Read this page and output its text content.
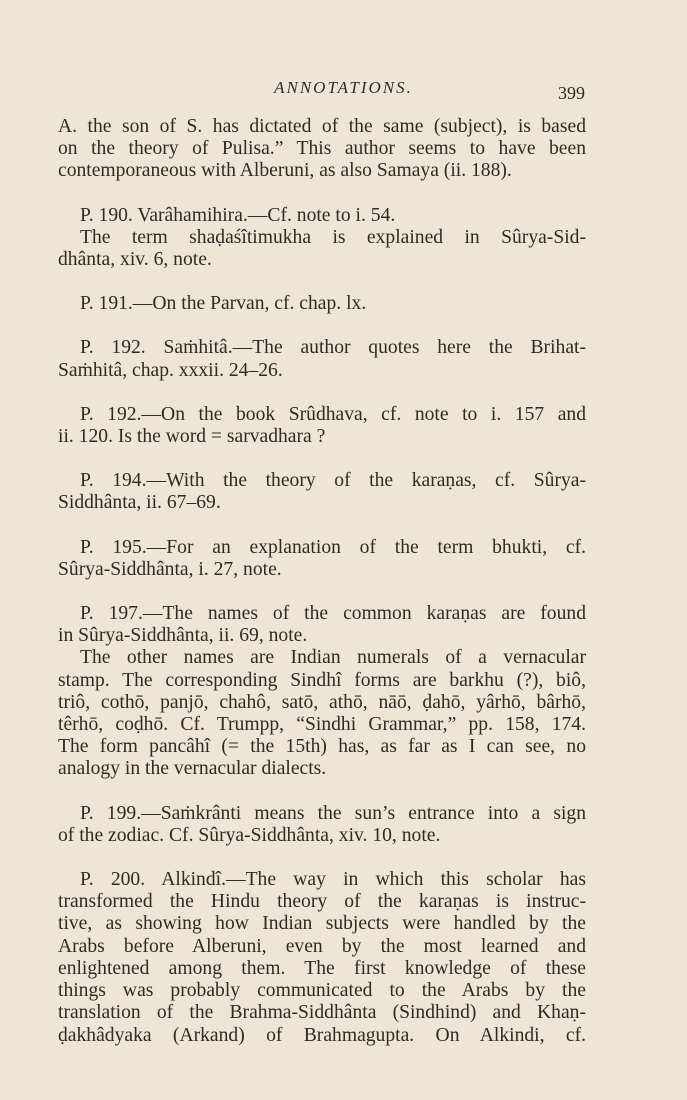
ANNOTATIONS.	399
A. the son of S. has dictated of the same (subject), is based
on the theory of Pulisa.” This author seems to have been
contemporaneous with Alberuni, as also Samaya (ii. 188).
P. 190. Varâhamihira.—Cf. note to i. 54.
The term shaḍaśîtimukha is explained in Sûrya-Sid-
dhânta, xiv. 6, note.
P. 191.—On the Parvan, cf. chap. lx.
P. 192. Saṁhitâ.—The author quotes here the Brihat-
Saṁhitâ, chap. xxxii. 24–26.
P. 192.—On the book Srûdhava, cf. note to i. 157 and
ii. 120. Is the word = sarvadhara ?
P. 194.—With the theory of the karaṇas, cf. Sûrya-
Siddhânta, ii. 67–69.
P. 195.—For an explanation of the term bhukti, cf.
Sûrya-Siddhânta, i. 27, note.
P. 197.—The names of the common karaṇas are found
in Sûrya-Siddhânta, ii. 69, note.
The other names are Indian numerals of a vernacular
stamp. The corresponding Sindhî forms are barkhu (?), biô,
triô, cothō, panjō, chahô, satō, athō, nāō, ḍahō, yârhō, bârhō,
têrhō, coḍhō. Cf. Trumpp, “Sindhi Grammar,” pp. 158, 174.
The form pancâhî (= the 15th) has, as far as I can see, no
analogy in the vernacular dialects.
P. 199.—Saṁkrânti means the sun’s entrance into a sign
of the zodiac. Cf. Sûrya-Siddhânta, xiv. 10, note.
P. 200. Alkindî.—The way in which this scholar has
transformed the Hindu theory of the karaṇas is instruc-
tive, as showing how Indian subjects were handled by the
Arabs before Alberuni, even by the most learned and
enlightened among them. The first knowledge of these
things was probably communicated to the Arabs by the
translation of the Brahma-Siddhânta (Sindhind) and Khaṇ-
ḍakhâdyaka (Arkand) of Brahmagupta. On Alkindi, cf.
